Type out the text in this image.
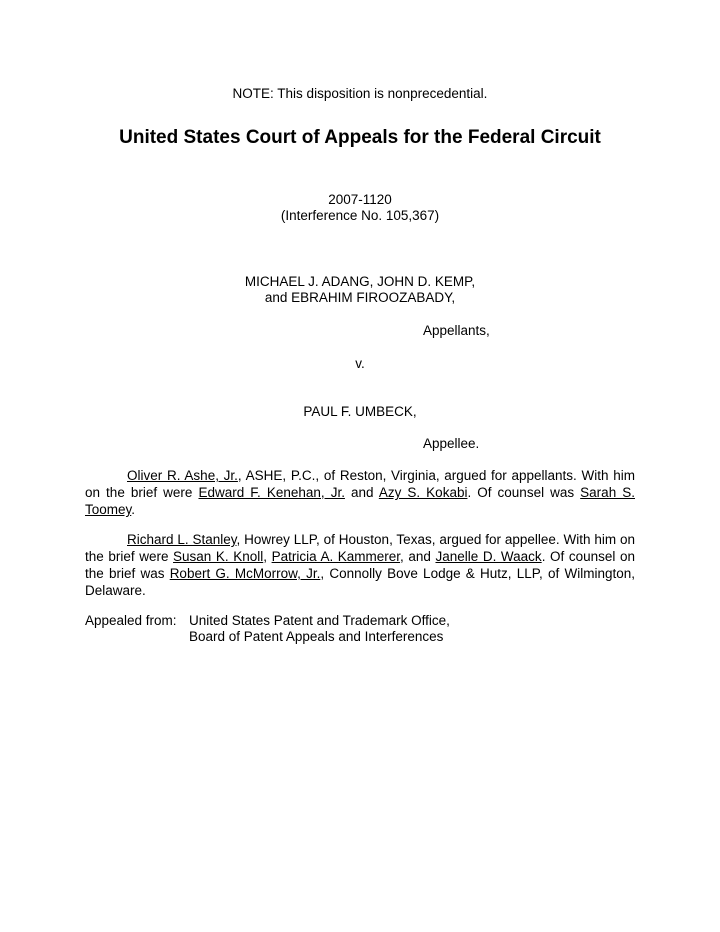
NOTE: This disposition is nonprecedential.
United States Court of Appeals for the Federal Circuit
2007-1120
(Interference No. 105,367)
MICHAEL J. ADANG, JOHN D. KEMP,
and EBRAHIM FIROOZABADY,
Appellants,
v.
PAUL F. UMBECK,
Appellee.
Oliver R. Ashe, Jr., ASHE, P.C., of Reston, Virginia, argued for appellants. With him on the brief were Edward F. Kenehan, Jr. and Azy S. Kokabi. Of counsel was Sarah S. Toomey.
Richard L. Stanley, Howrey LLP, of Houston, Texas, argued for appellee. With him on the brief were Susan K. Knoll, Patricia A. Kammerer, and Janelle D. Waack. Of counsel on the brief was Robert G. McMorrow, Jr., Connolly Bove Lodge & Hutz, LLP, of Wilmington, Delaware.
Appealed from: United States Patent and Trademark Office,
Board of Patent Appeals and Interferences
